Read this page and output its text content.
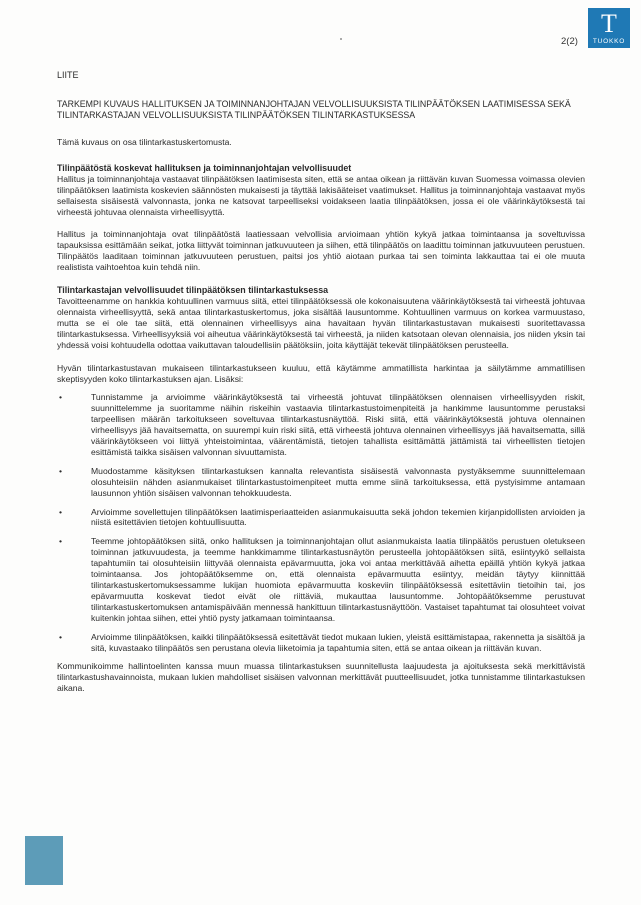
T
TUOKKO
2(2)
LIITE
TARKEMPI KUVAUS HALLITUKSEN JA TOIMINNANJOHTAJAN VELVOLLISUUKSISTA TILINPÄÄTÖKSEN LAATIMISESSA SEKÄ TILINTARKASTAJAN VELVOLLISUUKSISTA TILINPÄÄTÖKSEN TILINTARKASTUKSESSA

Tämä kuvaus on osa tilintarkastuskertomusta.

Tilinpäätöstä koskevat hallituksen ja toiminnanjohtajan velvollisuudet

Hallitus ja toiminnanjohtaja vastaavat tilinpäätöksen laatimisesta siten, että se antaa oikean ja riittävän kuvan Suomessa voimassa olevien tilinpäätöksen laatimista koskevien säännösten mukaisesti ja täyttää lakisääteiset vaatimukset. Hallitus ja toiminnanjohtaja vastaavat myös sellaisesta sisäisestä valvonnasta, jonka ne katsovat tarpeelliseksi voidakseen laatia tilinpäätöksen, jossa ei ole väärinkäytöksestä tai virheestä johtuvaa olennaista virheellisyyttä.

Hallitus ja toiminnanjohtaja ovat tilinpäätöstä laatiessaan velvollisia arvioimaan yhtiön kykyä jatkaa toimintaansa ja soveltuvissa tapauksissa esittämään seikat, jotka liittyvät toiminnan jatkuvuuteen ja siihen, että tilinpäätös on laadittu toiminnan jatkuvuuteen perustuen. Tilinpäätös laaditaan toiminnan jatkuvuuteen perustuen, paitsi jos yhtiö aiotaan purkaa tai sen toiminta lakkauttaa tai ei ole muuta realistista vaihtoehtoa kuin tehdä niin.

Tilintarkastajan velvollisuudet tilinpäätöksen tilintarkastuksessa

Tavoitteenamme on hankkia kohtuullinen varmuus siitä, ettei tilinpäätöksessä ole kokonaisuutena väärinkäytöksestä tai virheestä johtuvaa olennaista virheellisyyttä, sekä antaa tilintarkastuskertomus, joka sisältää lausuntomme. Kohtuullinen varmuus on korkea varmuustaso, mutta se ei ole tae siitä, että olennainen virheellisyys aina havaitaan hyvän tilintarkastustavan mukaisesti suoritettavassa tilintarkastuksessa. Virheellisyyksiä voi aiheutua väärinkäytöksestä tai virheestä, ja niiden katsotaan olevan olennaisia, jos niiden yksin tai yhdessä voisi kohtuudella odottaa vaikuttavan taloudellisiin päätöksiin, joita käyttäjät tekevät tilinpäätöksen perusteella.

Hyvän tilintarkastustavan mukaiseen tilintarkastukseen kuuluu, että käytämme ammatillista harkintaa ja säilytämme ammatillisen skeptisyyden koko tilintarkastuksen ajan. Lisäksi:

•	Tunnistamme ja arvioimme väärinkäytöksestä tai virheestä johtuvat tilinpäätöksen olennaisen virheellisyyden riskit, suunnittelemme ja suoritamme näihin riskeihin vastaavia tilintarkastustoimenpiteitä ja hankimme lausuntomme perustaksi tarpeellisen määrän tarkoitukseen soveltuvaa tilintarkastusnäyttöä. Riski siitä, että väärinkäytöksestä johtuva olennainen virheellisyys jää havaitsematta, on suurempi kuin riski siitä, että virheestä johtuva olennainen virheellisyys jää havaitsematta, sillä väärinkäytökseen voi liittyä yhteistoimintaa, väärentämistä, tietojen tahallista esittämättä jättämistä tai virheellisten tietojen esittämistä taikka sisäisen valvonnan sivuuttamista.
•	Muodostamme käsityksen tilintarkastuksen kannalta relevantista sisäisestä valvonnasta pystyäksemme suunnittelemaan olosuhteisiin nähden asianmukaiset tilintarkastustoimenpiteet mutta emme siinä tarkoituksessa, että pystyisimme antamaan lausunnon yhtiön sisäisen valvonnan tehokkuudesta.
•	Arvioimme sovellettujen tilinpäätöksen laatimisperiaatteiden asianmukaisuutta sekä johdon tekemien kirjanpidollisten arvioiden ja niistä esitettävien tietojen kohtuullisuutta.
•	Teemme johtopäätöksen siitä, onko hallituksen ja toiminnanjohtajan ollut asianmukaista laatia tilinpäätös perustuen oletukseen toiminnan jatkuvuudesta, ja teemme hankkimamme tilintarkastusnäytön perusteella johtopäätöksen siitä, esiintyykö sellaista tapahtumiin tai olosuhteisiin liittyvää olennaista epävarmuutta, joka voi antaa merkittävää aihetta epäillä yhtiön kykyä jatkaa toimintaansa. Jos johtopäätöksemme on, että olennaista epävarmuutta esiintyy, meidän täytyy kiinnittää tilintarkastuskertomuksessamme lukijan huomiota epävarmuutta koskeviin tilinpäätöksessä esitettäviin tietoihin tai, jos epävarmuutta koskevat tiedot eivät ole riittäviä, mukauttaa lausuntomme. Johtopäätöksemme perustuvat tilintarkastuskertomuksen antamispäivään mennessä hankittuun tilintarkastusnäyttöön. Vastaiset tapahtumat tai olosuhteet voivat kuitenkin johtaa siihen, ettei yhtiö pysty jatkamaan toimintaansa.
•	Arvioimme tilinpäätöksen, kaikki tilinpäätöksessä esitettävät tiedot mukaan lukien, yleistä esittämistapaa, rakennetta ja sisältöä ja sitä, kuvastaako tilinpäätös sen perustana olevia liiketoimia ja tapahtumia siten, että se antaa oikean ja riittävän kuvan.

Kommunikoimme hallintoelinten kanssa muun muassa tilintarkastuksen suunnitellusta laajuudesta ja ajoituksesta sekä merkittävistä tilintarkastushavainnoista, mukaan lukien mahdolliset sisäisen valvonnan merkittävät puutteellisuudet, jotka tunnistamme tilintarkastuksen aikana.
